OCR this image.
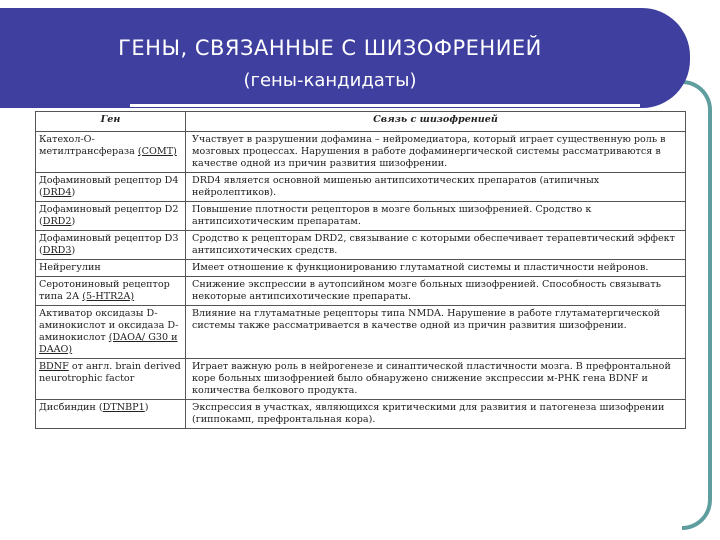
ГЕНЫ, СВЯЗАННЫЕ С ШИЗОФРЕНИЕЙ
(гены-кандидаты)
Ген	Связь с шизофренией
Катехол-О-метилтрансфераза (COMT)	Участвует в разрушении дофамина – нейромедиатора, который играет существенную роль в мозговых процессах. Нарушения в работе дофаминергической системы рассматриваются в качестве одной из причин развития шизофрении.
Дофаминовый рецептор D4 (DRD4)	DRD4 является основной мишенью антипсихотических препаратов (атипичных нейролептиков).
Дофаминовый рецептор D2 (DRD2)	Повышение плотности рецепторов в мозге больных шизофренией. Сродство к антипсихотическим препаратам.
Дофаминовый рецептор D3 (DRD3)	Сродство к рецепторам DRD2, связывание с которыми обеспечивает терапевтический эффект антипсихотических средств.
Нейрегулин	Имеет отношение к функционированию глутаматной системы и пластичности нейронов.
Серотониновый рецептор типа 2А (5-HTR2A)	Снижение экспрессии в аутопсийном мозге больных шизофренией. Способность связывать некоторые антипсихотические препараты.
Активатор оксидазы D-аминокислот и оксидаза D-аминокислот (DAOA/ G30 и DAAO)	Влияние на глутаматные рецепторы типа NMDA. Нарушение в работе глутаматергической системы также рассматривается в качестве одной из причин развития шизофрении.
BDNF от англ. brain derived neurotrophic factor	Играет важную роль в нейрогенезе и синаптической пластичности мозга. В префронтальной коре больных шизофренией было обнаружено снижение экспрессии м-РНК гена BDNF и количества белкового продукта.
Дисбиндин (DTNBP1)	Экспрессия в участках, являющихся критическими для развития и патогенеза шизофрении (гиппокамп, префронтальная кора).
